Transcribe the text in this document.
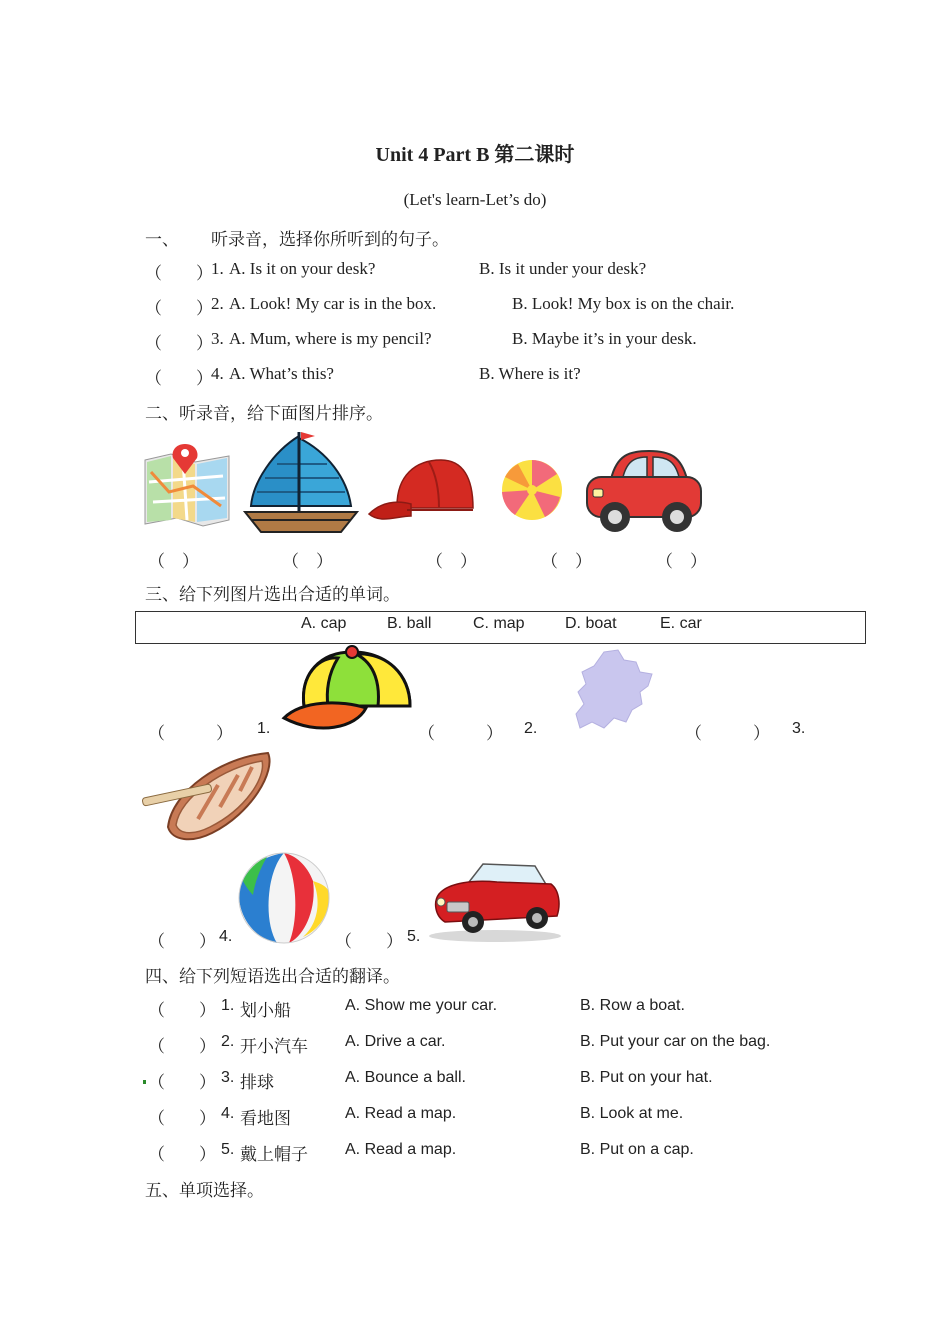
Unit 4 Part B 第二课时
(Let's learn-Let’s do)
一、 听录音，选择你所听到的句子。
（　　）
1. A. Is it on your desk?	B. Is it under your desk?
（　　）
2. A. Look! My car is in the box.	B. Look! My box is on the chair.
（　　）
3. A. Mum, where is my pencil?	B. Maybe it’s in your desk.
（　　）
4. A. What’s this?	B. Where is it?
二、听录音，给下面图片排序。
（　）	（　）	（　）	（　）	（　）
三、给下列图片选出合适的单词。
A. cap	B. ball	C. map	D. boat	E. car
（　　　） 1.	（　　　） 2.	（　　　） 3.
（　　） 4.	（　　） 5.
四、给下列短语选出合适的翻译。
（　　） 1. 划小船	A. Show me your car.	B. Row a boat.
（　　） 2. 开小汽车 A. Drive a car.	B. Put your car on the bag.
（　　） 3. 排球	A. Bounce a ball.	B. Put on your hat.
（　　） 4. 看地图	A. Read a map.	B. Look at me.
（　　） 5. 戴上帽子 A. Read a map.	B. Put on a cap.
五、单项选择。
